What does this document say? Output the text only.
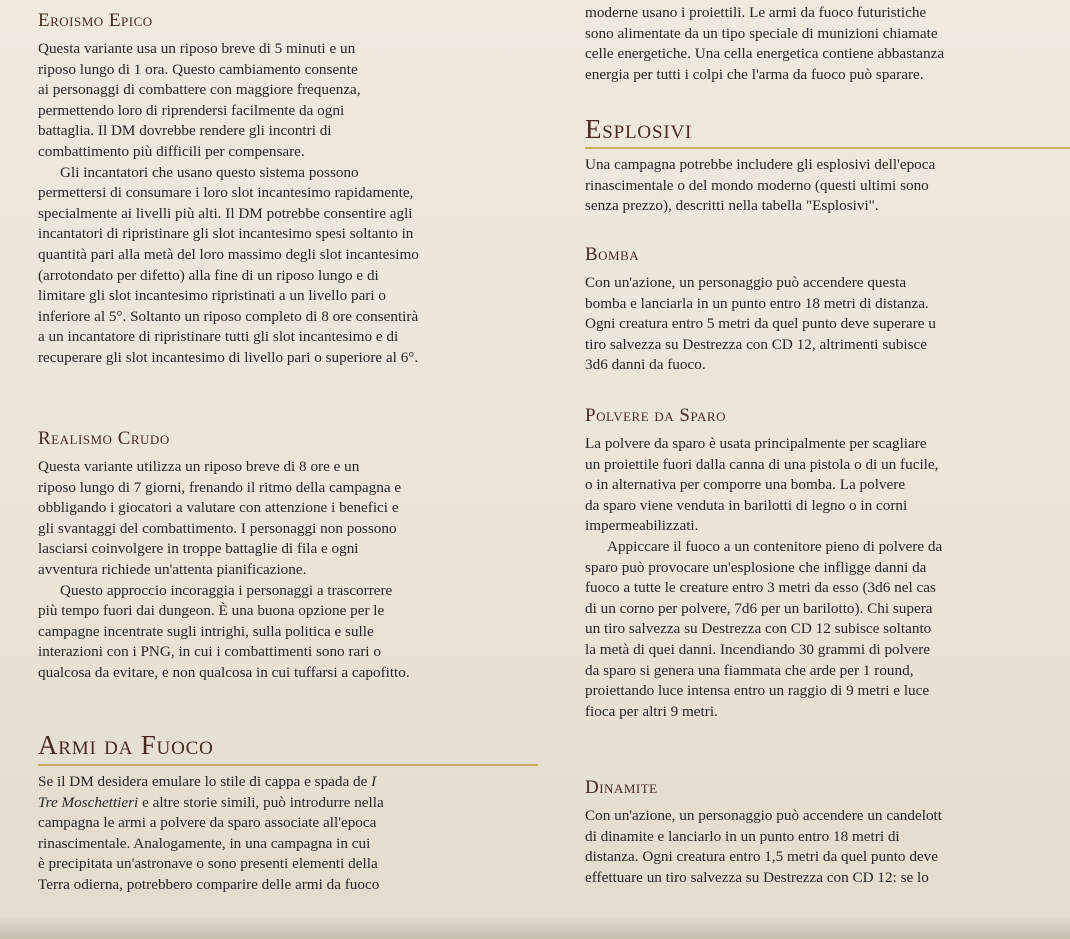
Eroismo Epico

Questa variante usa un riposo breve di 5 minuti e un
riposo lungo di 1 ora. Questo cambiamento consente
ai personaggi di combattere con maggiore frequenza,
permettendo loro di riprendersi facilmente da ogni
battaglia. Il DM dovrebbe rendere gli incontri di
combattimento più difficili per compensare.
Gli incantatori che usano questo sistema possono
permettersi di consumare i loro slot incantesimo rapidamente,
specialmente ai livelli più alti. Il DM potrebbe consentire agli
incantatori di ripristinare gli slot incantesimo spesi soltanto in
quantità pari alla metà del loro massimo degli slot incantesimo
(arrotondato per difetto) alla fine di un riposo lungo e di
limitare gli slot incantesimo ripristinati a un livello pari o
inferiore al 5°. Soltanto un riposo completo di 8 ore consentirà
a un incantatore di ripristinare tutti gli slot incantesimo e di
recuperare gli slot incantesimo di livello pari o superiore al 6°.

Realismo Crudo

Questa variante utilizza un riposo breve di 8 ore e un
riposo lungo di 7 giorni, frenando il ritmo della campagna e
obbligando i giocatori a valutare con attenzione i benefici e
gli svantaggi del combattimento. I personaggi non possono
lasciarsi coinvolgere in troppe battaglie di fila e ogni
avventura richiede un'attenta pianificazione.
Questo approccio incoraggia i personaggi a trascorrere
più tempo fuori dai dungeon. È una buona opzione per le
campagne incentrate sugli intrighi, sulla politica e sulle
interazioni con i PNG, in cui i combattimenti sono rari o
qualcosa da evitare, e non qualcosa in cui tuffarsi a capofitto.

Armi da Fuoco

Se il DM desidera emulare lo stile di cappa e spada de I
Tre Moschettieri e altre storie simili, può introdurre nella
campagna le armi a polvere da sparo associate all'epoca
rinascimentale. Analogamente, in una campagna in cui
è precipitata un'astronave o sono presenti elementi della
Terra odierna, potrebbero comparire delle armi da fuoco

moderne usano i proiettili. Le armi da fuoco futuristiche
sono alimentate da un tipo speciale di munizioni chiamate
celle energetiche. Una cella energetica contiene abbastanza
energia per tutti i colpi che l'arma da fuoco può sparare.

Esplosivi

Una campagna potrebbe includere gli esplosivi dell'epoca
rinascimentale o del mondo moderno (questi ultimi sono
senza prezzo), descritti nella tabella "Esplosivi".

Bomba

Con un'azione, un personaggio può accendere questa
bomba e lanciarla in un punto entro 18 metri di distanza.
Ogni creatura entro 5 metri da quel punto deve superare u
tiro salvezza su Destrezza con CD 12, altrimenti subisce
3d6 danni da fuoco.

Polvere da Sparo

La polvere da sparo è usata principalmente per scagliare
un proiettile fuori dalla canna di una pistola o di un fucile,
o in alternativa per comporre una bomba. La polvere
da sparo viene venduta in barilotti di legno o in corni
impermeabilizzati.
Appiccare il fuoco a un contenitore pieno di polvere da
sparo può provocare un'esplosione che infligge danni da
fuoco a tutte le creature entro 3 metri da esso (3d6 nel cas
di un corno per polvere, 7d6 per un barilotto). Chi supera
un tiro salvezza su Destrezza con CD 12 subisce soltanto
la metà di quei danni. Incendiando 30 grammi di polvere
da sparo si genera una fiammata che arde per 1 round,
proiettando luce intensa entro un raggio di 9 metri e luce
fioca per altri 9 metri.

Dinamite

Con un'azione, un personaggio può accendere un candelott
di dinamite e lanciarlo in un punto entro 18 metri di
distanza. Ogni creatura entro 1,5 metri da quel punto deve
effettuare un tiro salvezza su Destrezza con CD 12: se lo
